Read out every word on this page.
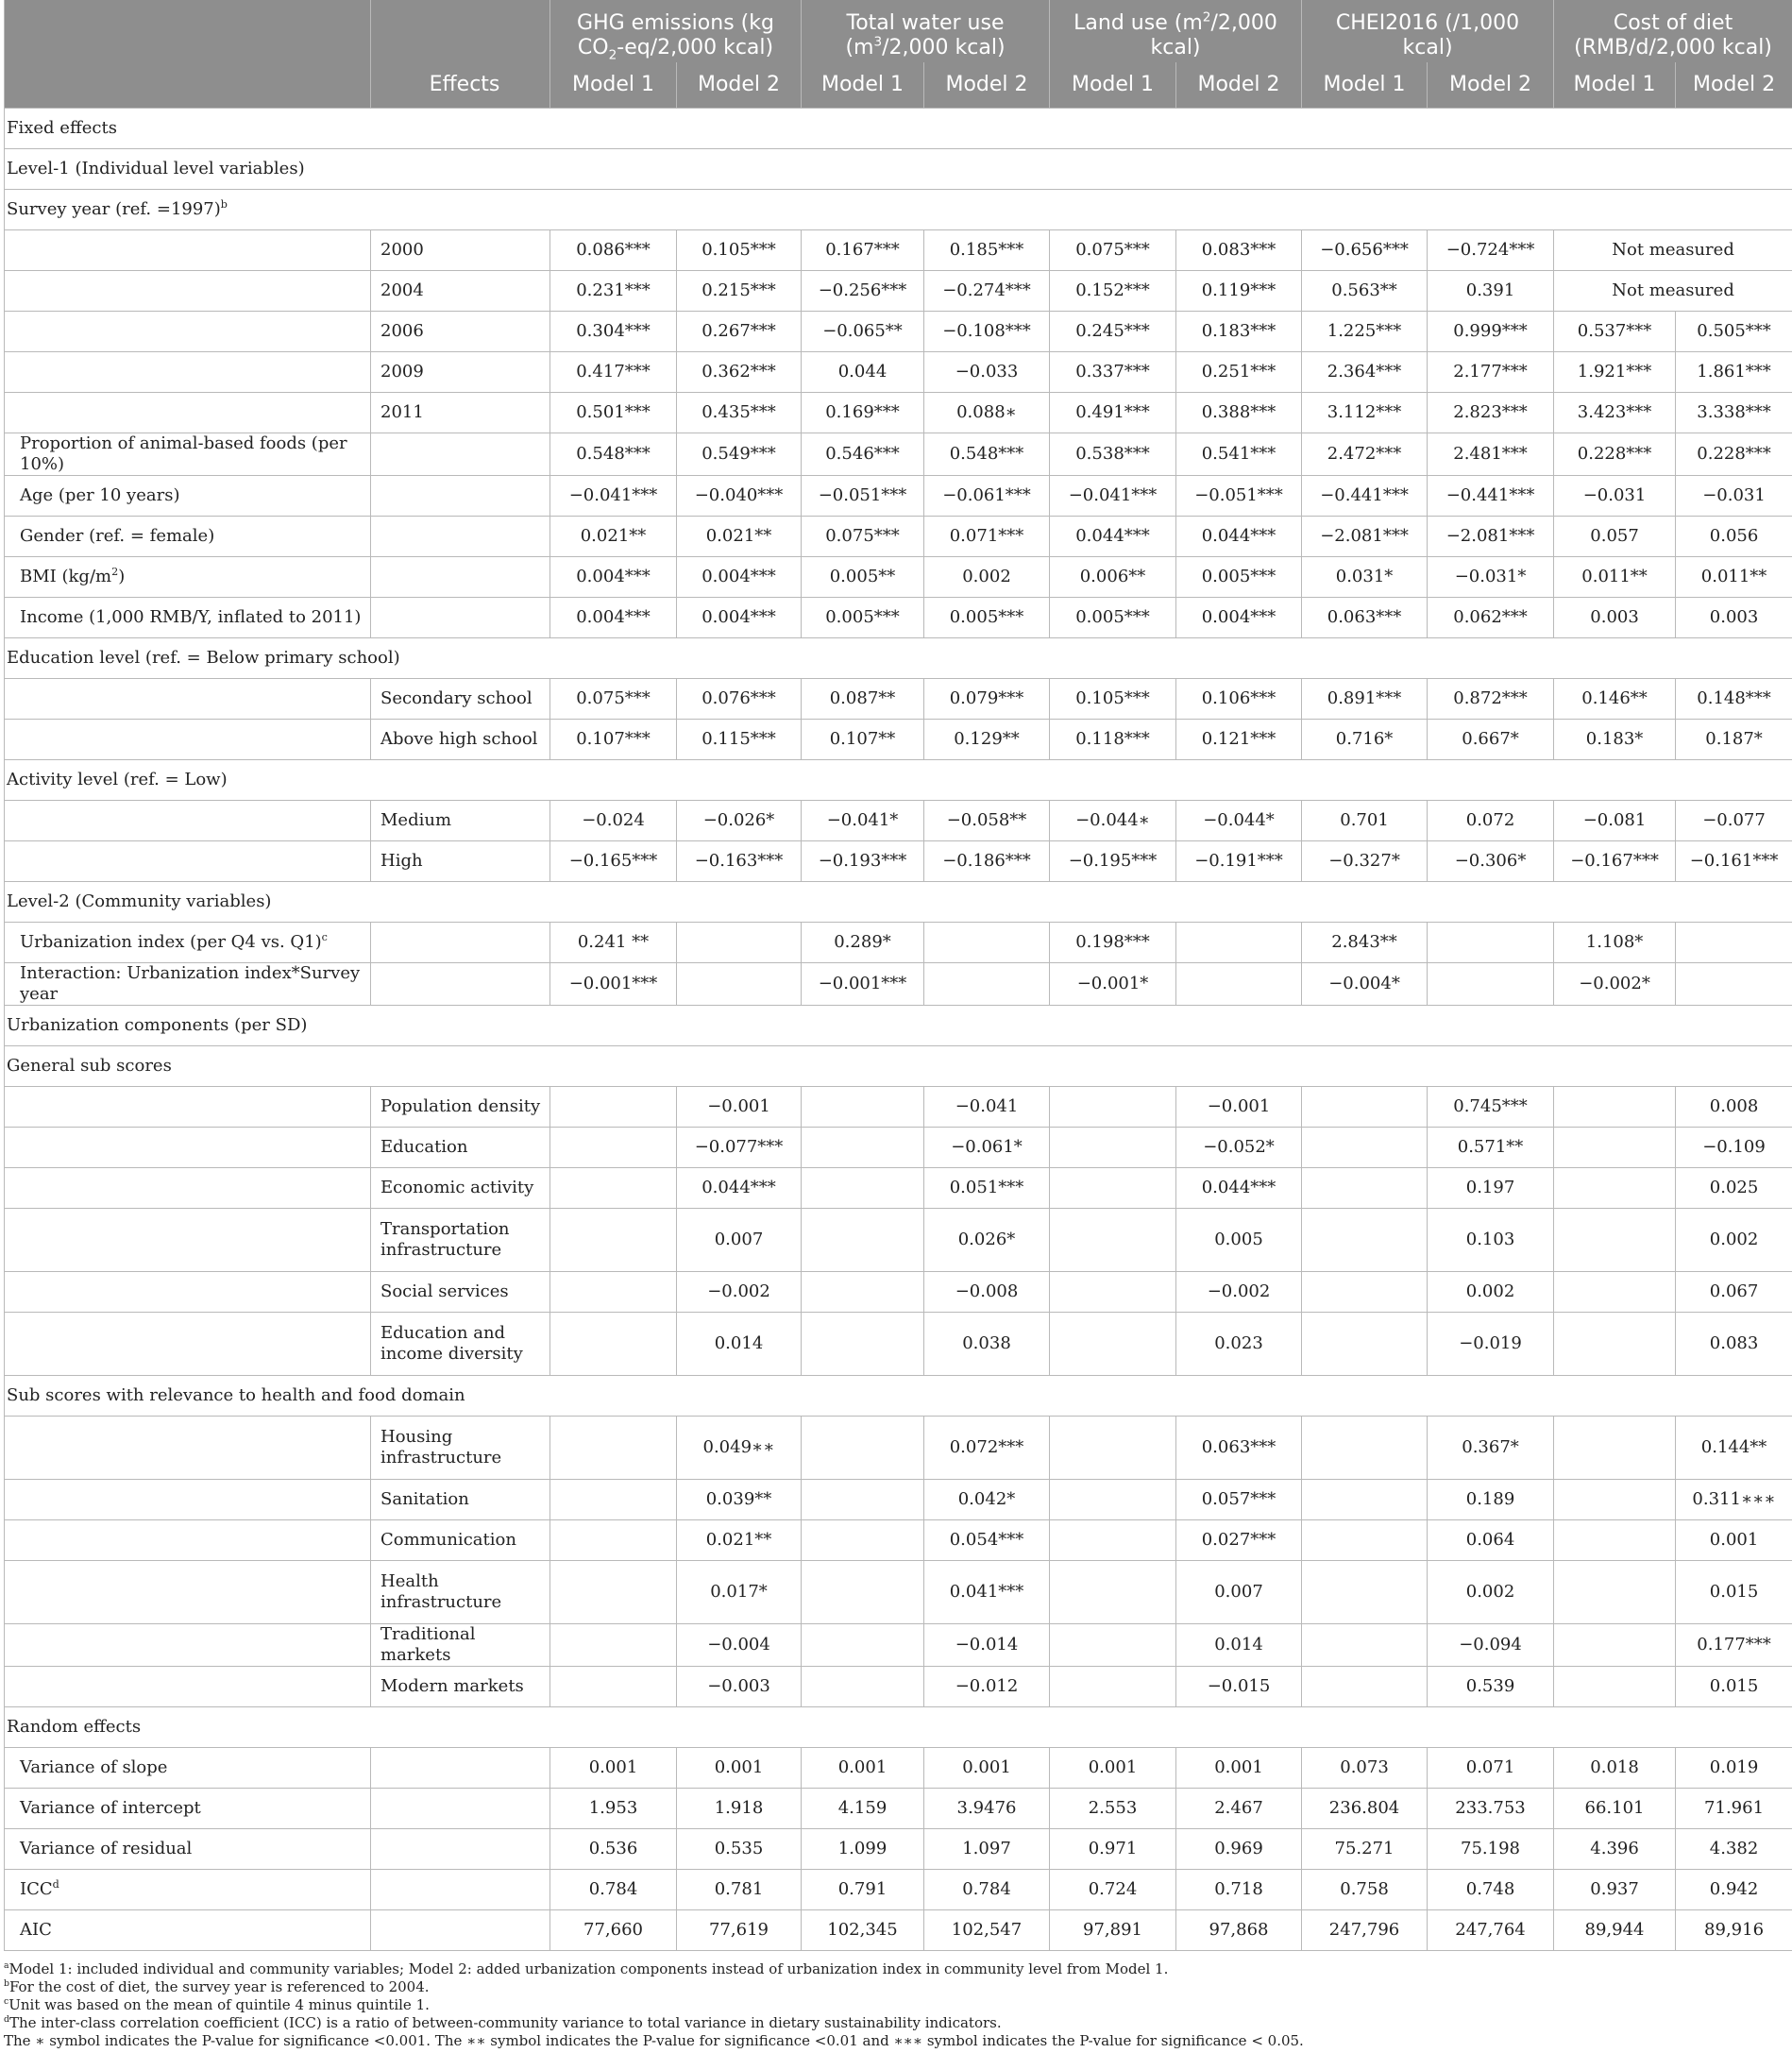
		GHG emissions (kg
$CO_2-eq/2,000$ kcal)		Total water use
($m^3/2,000$ kcal)		Land use ($m^2/2,000$
kcal)		CHEI2016 (/1,000
kcal)		Cost of diet
(RMB/d/2,000 kcal)	
	Effects	Model 1	Model 2	Model 1	Model 2	Model 1	Model 2	Model 1	Model 2	Model 1	Model 2
Fixed effects											
Level-1 (Individual level variables)											
Survey year (ref. =1997)$^b$
	2000	0.086***	0.105***	0.167***	0.185***	0.075***	0.083***	−0.656***	−0.724***	Not measured	
	2004	0.231***	0.215***	−0.256***	−0.274***	0.152***	0.119***	0.563**	0.391	Not measured	
	2006	0.304***	0.267***	−0.065**	−0.108***	0.245***	0.183***	1.225***	0.999***	0.537***	0.505***
	2009	0.417***	0.362***	0.044	−0.033	0.337***	0.251***	2.364***	2.177***	1.921***	1.861***
	2011	0.501***	0.435***	0.169***	0.088∗	0.491***	0.388***	3.112***	2.823***	3.423***	3.338***
Proportion of animal-based foods (per 10%)		0.548***	0.549***	0.546***	0.548***	0.538***	0.541***	2.472***	2.481***	0.228***	0.228***
Age (per 10 years)		−0.041***	−0.040***	−0.051***	−0.061***	−0.041***	−0.051***	−0.441***	−0.441***	−0.031	−0.031
Gender (ref. = female)		0.021**	0.021**	0.075***	0.071***	0.044***	0.044***	−2.081***	−2.081***	0.057	0.056
BMI $(kg/m^2)$		0.004***	0.004***	0.005**	0.002	0.006**	0.005***	0.031*	−0.031*	0.011**	0.011**
Income (1,000 RMB/Y, inflated to 2011)		0.004***	0.004***	0.005***	0.005***	0.005***	0.004***	0.063***	0.062***	0.003	0.003
Education level (ref. = Below primary school)											
	Secondary school	0.075***	0.076***	0.087**	0.079***	0.105***	0.106***	0.891***	0.872***	0.146**	0.148***
	Above high school	0.107***	0.115***	0.107**	0.129**	0.118***	0.121***	0.716*	0.667*	0.183*	0.187*
Activity level (ref. = Low)											
	Medium	−0.024	−0.026*	−0.041*	−0.058**	−0.044∗	−0.044*	0.701	0.072	−0.081	−0.077
	High	−0.165***	−0.163***	−0.193***	−0.186***	−0.195***	−0.191***	−0.327*	−0.306*	−0.167***	−0.161***
Level-2 (Community variables)											
Urbanization index (per Q4 vs. Q1)$^c$		0.241 **		0.289*		0.198***		2.843**		1.108*	
Interaction: Urbanization index*Survey year		−0.001***		−0.001***		−0.001*		−0.004*		−0.002*	
Urbanization components (per SD)											
General sub scores											
	Population density		−0.001		−0.041		−0.001		0.745***		0.008
	Education		−0.077***		−0.061*		−0.052*		0.571**		−0.109
	Economic activity		0.044***		0.051***		0.044***		0.197		0.025
	Transportation
infrastructure		0.007		0.026*		0.005		0.103		0.002
	Social services		−0.002		−0.008		−0.002		0.002		0.067
	Education and
income diversity		0.014		0.038		0.023		−0.019		0.083
Sub scores with relevance to health and food domain											
	Housing
infrastructure		0.049∗∗		0.072***		0.063***		0.367*		0.144**
	Sanitation		0.039**		0.042*		0.057***		0.189		0.311∗∗∗
	Communication		0.021**		0.054***		0.027***		0.064		0.001
	Health
infrastructure		0.017*		0.041***		0.007		0.002		0.015
	Traditional markets		−0.004		−0.014		0.014		−0.094		0.177***
	Modern markets		−0.003		−0.012		−0.015		0.539		0.015
Random effects											
Variance of slope		0.001	0.001	0.001	0.001	0.001	0.001	0.073	0.071	0.018	0.019
Variance of intercept		1.953	1.918	4.159	3.9476	2.553	2.467	236.804	233.753	66.101	71.961
Variance of residual		0.536	0.535	1.099	1.097	0.971	0.969	75.271	75.198	4.396	4.382
ICC$^d$		0.784	0.781	0.791	0.784	0.724	0.718	0.758	0.748	0.937	0.942
AIC		77,660	77,619	102,345	102,547	97,891	97,868	247,796	247,764	89,944	89,916
$^a$Model 1: included individual and community variables; Model 2: added urbanization components instead of urbanization index in community level from Model 1.
$^b$For the cost of diet, the survey year is referenced to 2004.
$^c$Unit was based on the mean of quintile 4 minus quintile 1.
$^d$The inter-class correlation coefficient (ICC) is a ratio of between-community variance to total variance in dietary sustainability indicators.
The ∗ symbol indicates the P-value for significance <0.001. The ∗∗ symbol indicates the P-value for significance <0.01 and ∗∗∗ symbol indicates the P-value for significance < 0.05.
